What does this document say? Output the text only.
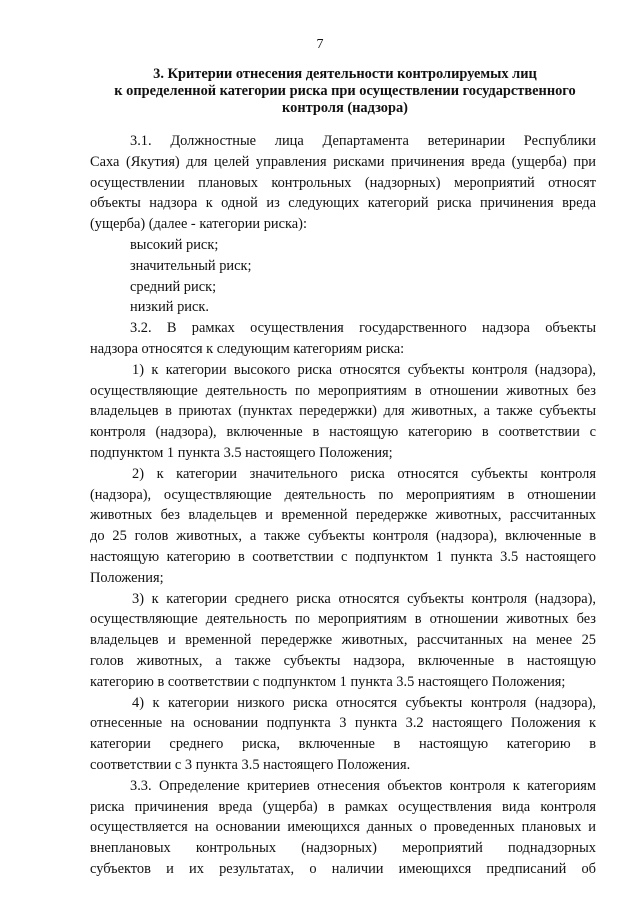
7
3. Критерии отнесения деятельности контролируемых лиц
к определенной категории риска при осуществлении государственного
контроля (надзора)
3.1. Должностные лица Департамента ветеринарии Республики
Саха (Якутия) для целей управления рисками причинения вреда (ущерба) при
осуществлении плановых контрольных (надзорных) мероприятий относят
объекты надзора к одной из следующих категорий риска причинения вреда
(ущерба) (далее - категории риска):
высокий риск;
значительный риск;
средний риск;
низкий риск.
3.2. В рамках осуществления государственного надзора объекты
надзора относятся к следующим категориям риска:
1) к категории высокого риска относятся субъекты контроля (надзора),
осуществляющие деятельность по мероприятиям в отношении животных без
владельцев в приютах (пунктах передержки) для животных, а также субъекты
контроля (надзора), включенные в настоящую категорию в соответствии с
подпунктом 1 пункта 3.5 настоящего Положения;
2) к категории значительного риска относятся субъекты контроля
(надзора), осуществляющие деятельность по мероприятиям в отношении
животных без владельцев и временной передержке животных, рассчитанных
до 25 голов животных, а также субъекты контроля (надзора), включенные в
настоящую категорию в соответствии с подпунктом 1 пункта 3.5 настоящего
Положения;
3) к категории среднего риска относятся субъекты контроля (надзора),
осуществляющие деятельность по мероприятиям в отношении животных без
владельцев и временной передержке животных, рассчитанных на менее 25
голов животных, а также субъекты надзора, включенные в настоящую
категорию в соответствии с подпунктом 1 пункта 3.5 настоящего Положения;
4) к категории низкого риска относятся субъекты контроля (надзора),
отнесенные на основании подпункта 3 пункта 3.2 настоящего Положения к
категории среднего риска, включенные в настоящую категорию в
соответствии с 3 пункта 3.5 настоящего Положения.
3.3. Определение критериев отнесения объектов контроля к категориям
риска причинения вреда (ущерба) в рамках осуществления вида контроля
осуществляется на основании имеющихся данных о проведенных плановых и
внеплановых контрольных (надзорных) мероприятий поднадзорных
субъектов и их результатах, о наличии имеющихся предписаний об
